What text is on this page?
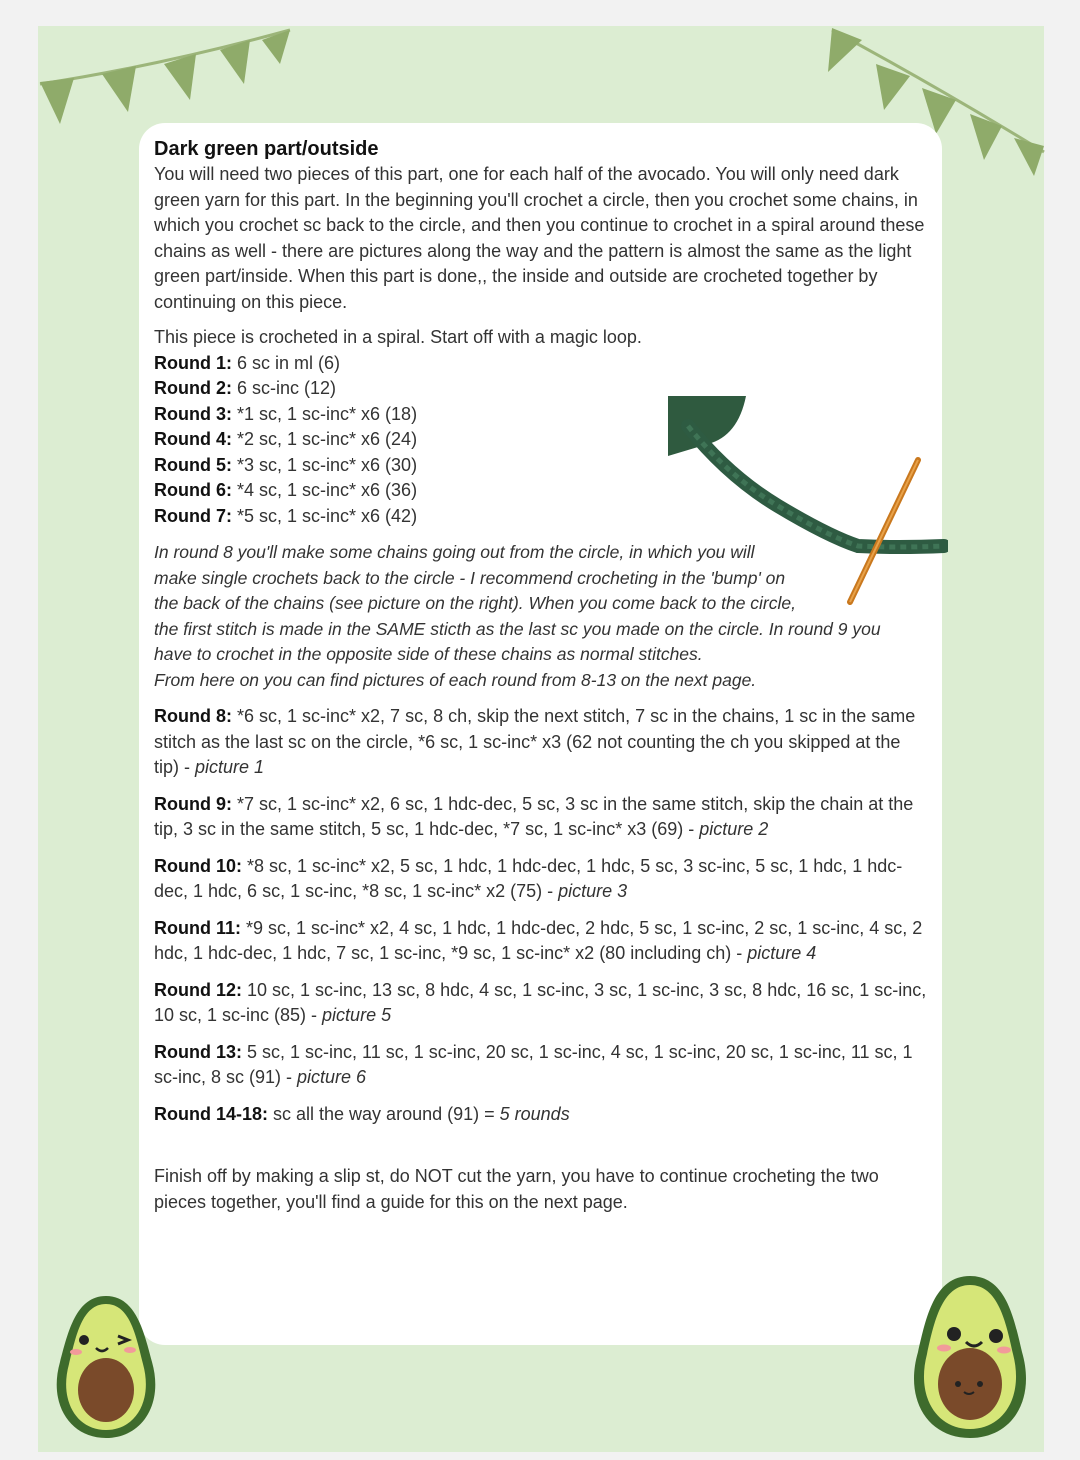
Dark green part/outside

You will need two pieces of this part, one for each half of the avocado. You will only need dark green yarn for this part. In the beginning you'll crochet a circle, then you crochet some chains, in which you crochet sc back to the circle, and then you continue to crochet in a spiral around these chains as well - there are pictures along the way and the pattern is almost the same as the light green part/inside. When this part is done,, the inside and outside are crocheted together by continuing on this piece.

This piece is crocheted in a spiral. Start off with a magic loop.

Round 1: 6 sc in ml (6)
Round 2: 6 sc-inc (12)
Round 3: *1 sc, 1 sc-inc* x6 (18)
Round 4: *2 sc, 1 sc-inc* x6 (24)
Round 5: *3 sc, 1 sc-inc* x6 (30)
Round 6: *4 sc, 1 sc-inc* x6 (36)
Round 7: *5 sc, 1 sc-inc* x6 (42)
In round 8 you'll make some chains going out from the circle, in which you will
make single crochets back to the circle - I recommend crocheting in the 'bump' on
the back of the chains (see picture on the right). When you come back to the circle,
the first stitch is made in the SAME sticth as the last sc you made on the circle. In round 9 you
have to crochet in the opposite side of these chains as normal stitches.
From here on you can find pictures of each round from 8-13 on the next page.

Round 8: *6 sc, 1 sc-inc* x2, 7 sc, 8 ch, skip the next stitch, 7 sc in the chains, 1 sc in the same stitch as the last sc on the circle, *6 sc, 1 sc-inc* x3 (62 not counting the ch you skipped at the tip) - picture 1

Round 9: *7 sc, 1 sc-inc* x2, 6 sc, 1 hdc-dec, 5 sc, 3 sc in the same stitch, skip the chain at the tip, 3 sc in the same stitch, 5 sc, 1 hdc-dec, *7 sc, 1 sc-inc* x3 (69) - picture 2

Round 10: *8 sc, 1 sc-inc* x2, 5 sc, 1 hdc, 1 hdc-dec, 1 hdc, 5 sc, 3 sc-inc, 5 sc, 1 hdc, 1 hdc-dec, 1 hdc, 6 sc, 1 sc-inc, *8 sc, 1 sc-inc* x2 (75) - picture 3

Round 11: *9 sc, 1 sc-inc* x2, 4 sc, 1 hdc, 1 hdc-dec, 2 hdc, 5 sc, 1 sc-inc, 2 sc, 1 sc-inc, 4 sc, 2 hdc, 1 hdc-dec, 1 hdc, 7 sc, 1 sc-inc, *9 sc, 1 sc-inc* x2 (80 including ch) - picture 4

Round 12: 10 sc, 1 sc-inc, 13 sc, 8 hdc, 4 sc, 1 sc-inc, 3 sc, 1 sc-inc, 3 sc, 8 hdc, 16 sc, 1 sc-inc, 10 sc, 1 sc-inc (85) - picture 5

Round 13: 5 sc, 1 sc-inc, 11 sc, 1 sc-inc, 20 sc, 1 sc-inc, 4 sc, 1 sc-inc, 20 sc, 1 sc-inc, 11 sc, 1 sc-inc, 8 sc (91) - picture 6

Round 14-18: sc all the way around (91) = 5 rounds

Finish off by making a slip st, do NOT cut the yarn, you have to continue crocheting the two pieces together, you'll find a guide for this on the next page.
